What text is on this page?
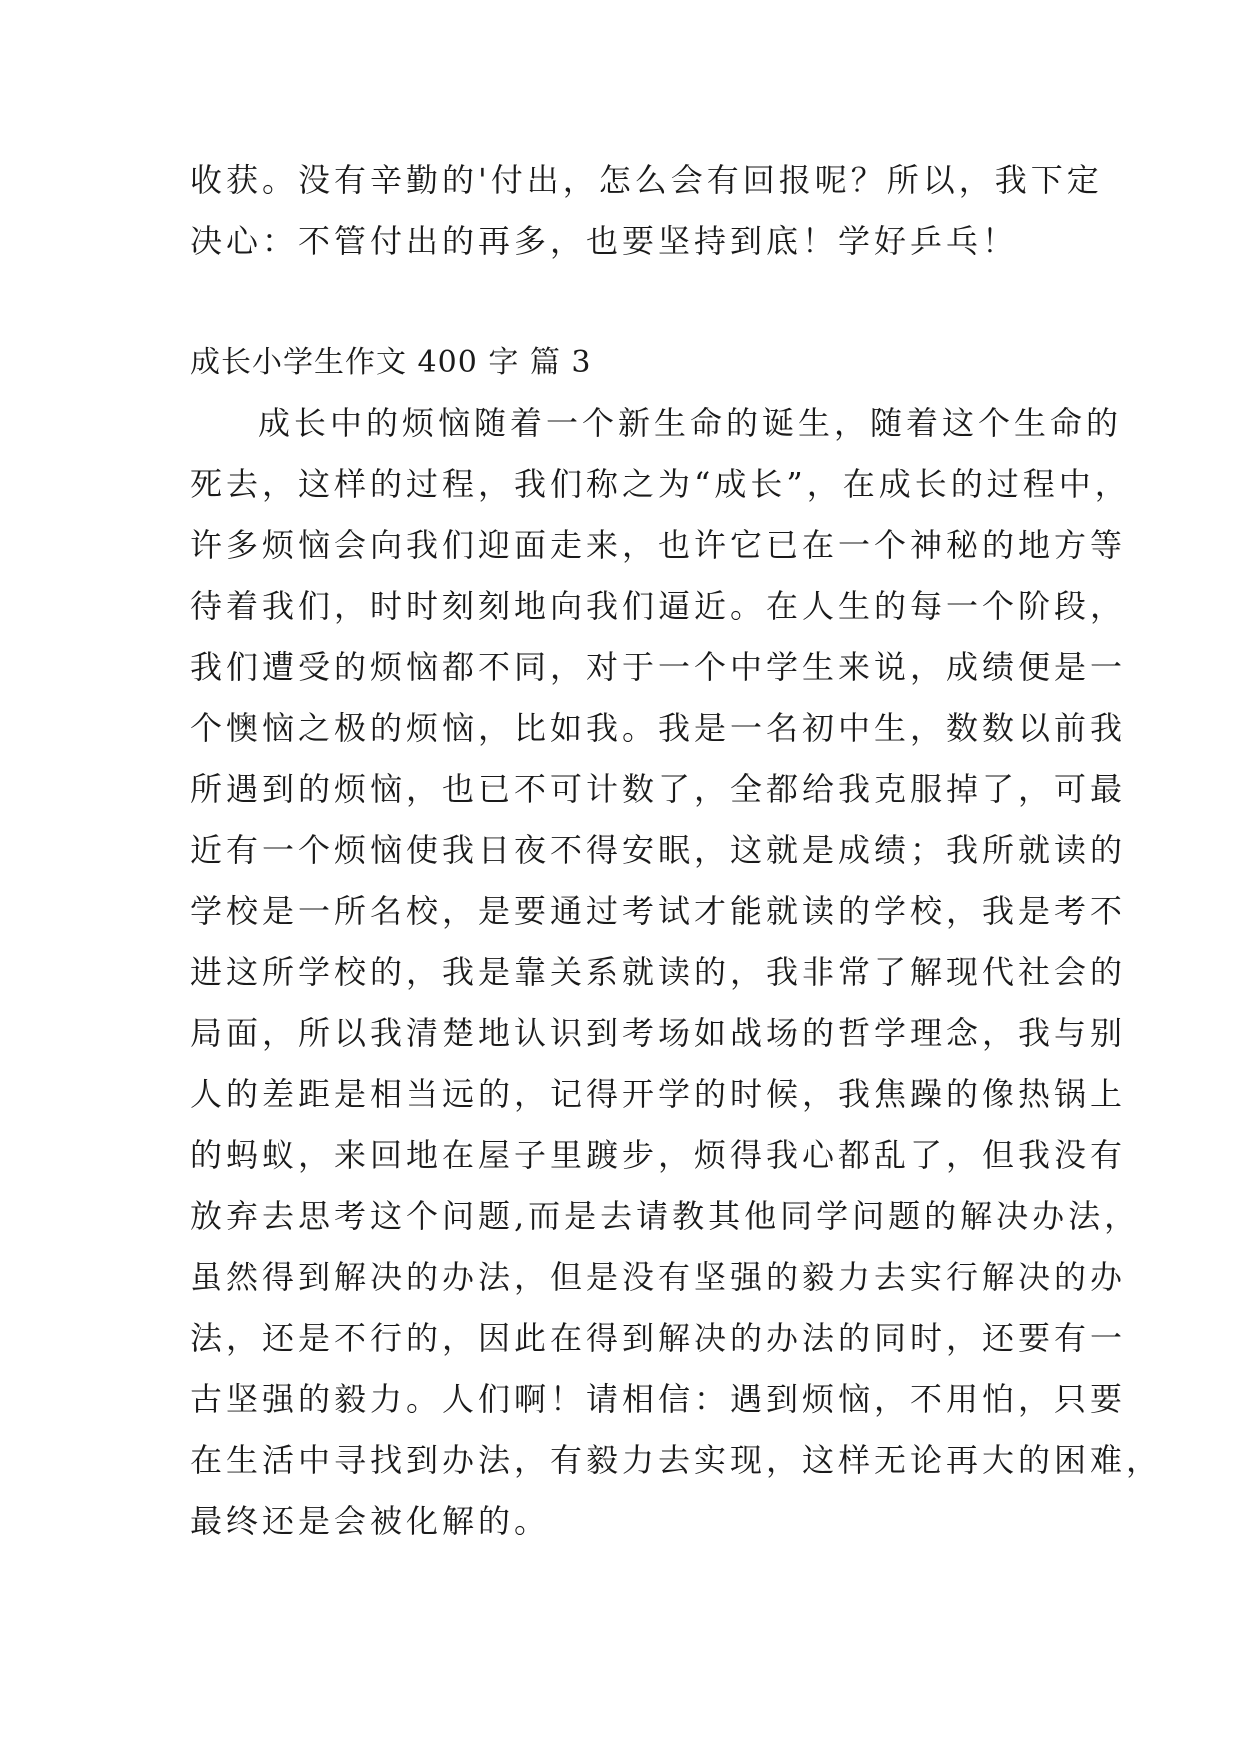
收获。没有辛勤的'付出，怎么会有回报呢？所以，我下定
决心：不管付出的再多，也要坚持到底！学好乒乓！
成长小学生作文 400 字 篇 3
成长中的烦恼随着一个新生命的诞生，随着这个生命的
死去，这样的过程，我们称之为“成长”，在成长的过程中，
许多烦恼会向我们迎面走来，也许它已在一个神秘的地方等
待着我们，时时刻刻地向我们逼近。在人生的每一个阶段，
我们遭受的烦恼都不同，对于一个中学生来说，成绩便是一
个懊恼之极的烦恼，比如我。我是一名初中生，数数以前我
所遇到的烦恼，也已不可计数了，全都给我克服掉了，可最
近有一个烦恼使我日夜不得安眠，这就是成绩；我所就读的
学校是一所名校，是要通过考试才能就读的学校，我是考不
进这所学校的，我是靠关系就读的，我非常了解现代社会的
局面，所以我清楚地认识到考场如战场的哲学理念，我与别
人的差距是相当远的，记得开学的时候，我焦躁的像热锅上
的蚂蚁，来回地在屋子里踱步，烦得我心都乱了，但我没有
放弃去思考这个问题,而是去请教其他同学问题的解决办法，
虽然得到解决的办法，但是没有坚强的毅力去实行解决的办
法，还是不行的，因此在得到解决的办法的同时，还要有一
古坚强的毅力。人们啊！请相信：遇到烦恼，不用怕，只要
在生活中寻找到办法，有毅力去实现，这样无论再大的困难，
最终还是会被化解的。
